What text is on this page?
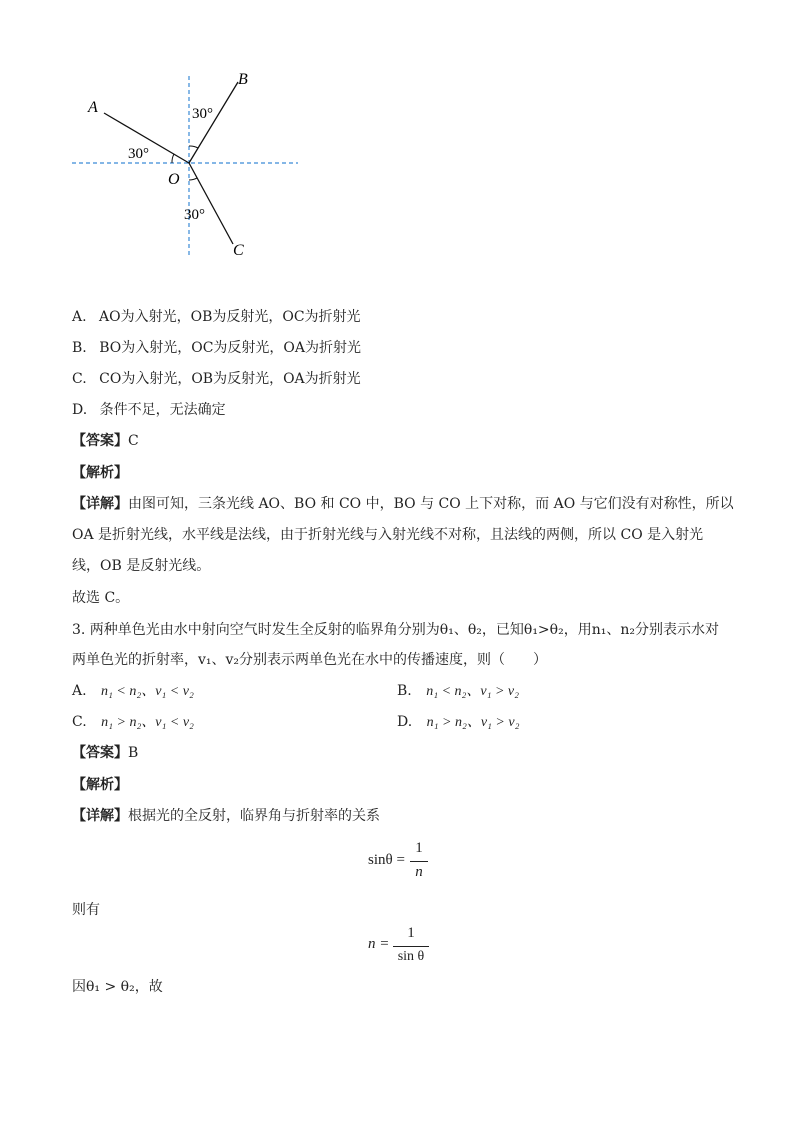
A
B
C
O
30°
30°
30°
A. AO为入射光，OB为反射光，OC为折射光
B. BO为入射光，OC为反射光，OA为折射光
C. CO为入射光，OB为反射光，OA为折射光
D. 条件不足，无法确定
【答案】C
【解析】
【详解】由图可知，三条光线 AO、BO 和 CO 中，BO 与 CO 上下对称，而 AO 与它们没有对称性，所以
OA 是折射光线，水平线是法线，由于折射光线与入射光线不对称，且法线的两侧，所以 CO 是入射光
线，OB 是反射光线。
故选 C。
3. 两种单色光由水中射向空气时发生全反射的临界角分别为θ₁、θ₂，已知θ₁>θ₂，用n₁、n₂分别表示水对
两单色光的折射率，v₁、v₂分别表示两单色光在水中的传播速度，则（　　）
A. n₁ < n₂、v₁ < v₂	B. n₁ < n₂、v₁ > v₂
C. n₁ > n₂、v₁ < v₂	D. n₁ > n₂、v₁ > v₂
【答案】B
【解析】
【详解】根据光的全反射，临界角与折射率的关系
sinθ =
1
n
则有
n =
1
sin θ
因θ₁ > θ₂，故
